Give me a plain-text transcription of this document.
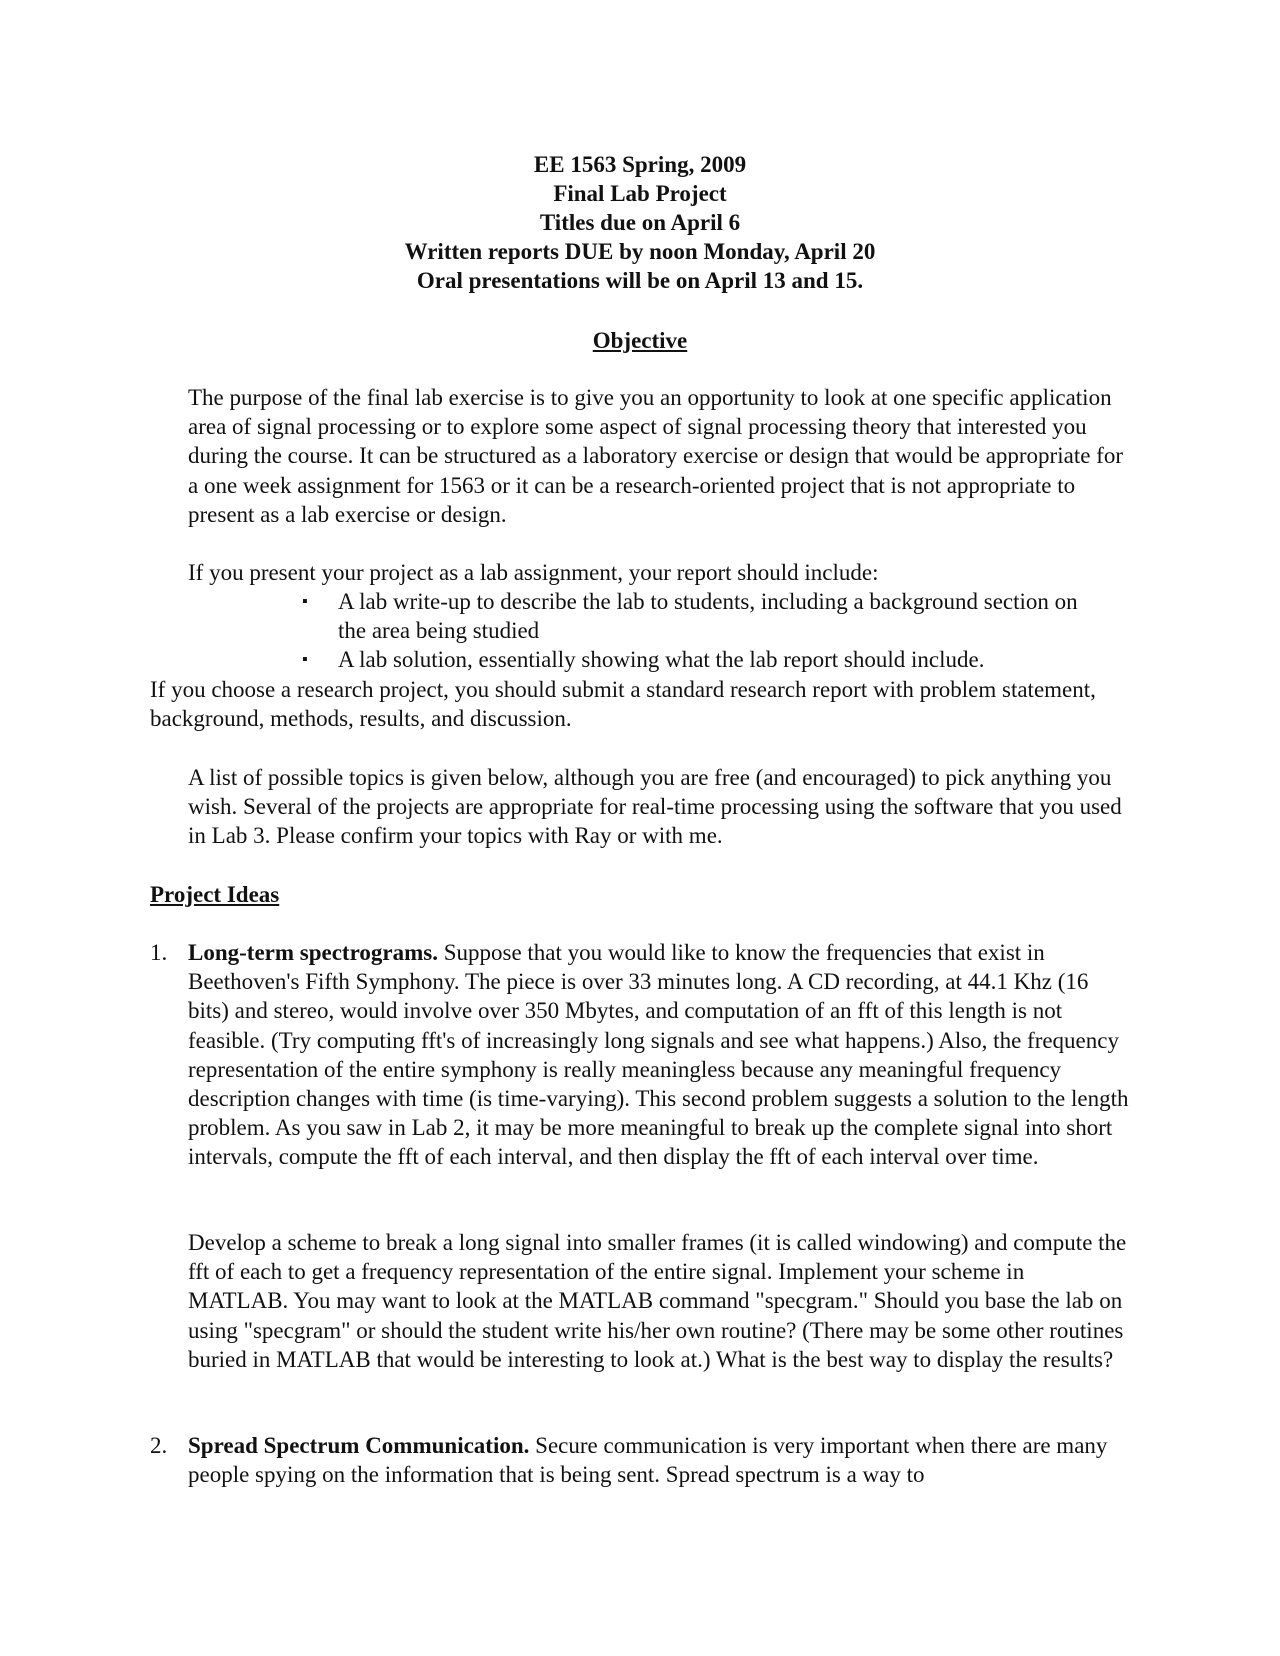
EE 1563 Spring, 2009
Final Lab Project
Titles due on April 6
Written reports DUE by noon Monday, April 20
Oral presentations will be on April 13 and 15.
Objective

The purpose of the final lab exercise is to give you an opportunity to look at one specific application area of signal processing or to explore some aspect of signal processing theory that interested you during the course. It can be structured as a laboratory exercise or design that would be appropriate for a one week assignment for 1563 or it can be a research-oriented project that is not appropriate to present as a lab exercise or design.

If you present your project as a lab assignment, your report should include:

▪ A lab write-up to describe the lab to students, including a background section on the area being studied
▪ A lab solution, essentially showing what the lab report should include.

If you choose a research project, you should submit a standard research report with problem statement, background, methods, results, and discussion.

A list of possible topics is given below, although you are free (and encouraged) to pick anything you wish. Several of the projects are appropriate for real-time processing using the software that you used in Lab 3. Please confirm your topics with Ray or with me.

Project Ideas
1. Long-term spectrograms. Suppose that you would like to know the frequencies that exist in Beethoven's Fifth Symphony. The piece is over 33 minutes long. A CD recording, at 44.1 Khz (16 bits) and stereo, would involve over 350 Mbytes, and computation of an fft of this length is not feasible. (Try computing fft's of increasingly long signals and see what happens.) Also, the frequency representation of the entire symphony is really meaningless because any meaningful frequency description changes with time (is time-varying). This second problem suggests a solution to the length problem. As you saw in Lab 2, it may be more meaningful to break up the complete signal into short intervals, compute the fft of each interval, and then display the fft of each interval over time.

Develop a scheme to break a long signal into smaller frames (it is called windowing) and compute the fft of each to get a frequency representation of the entire signal. Implement your scheme in MATLAB. You may want to look at the MATLAB command "specgram." Should you base the lab on using "specgram" or should the student write his/her own routine? (There may be some other routines buried in MATLAB that would be interesting to look at.) What is the best way to display the results?

2. Spread Spectrum Communication. Secure communication is very important when there are many people spying on the information that is being sent. Spread spectrum is a way to
